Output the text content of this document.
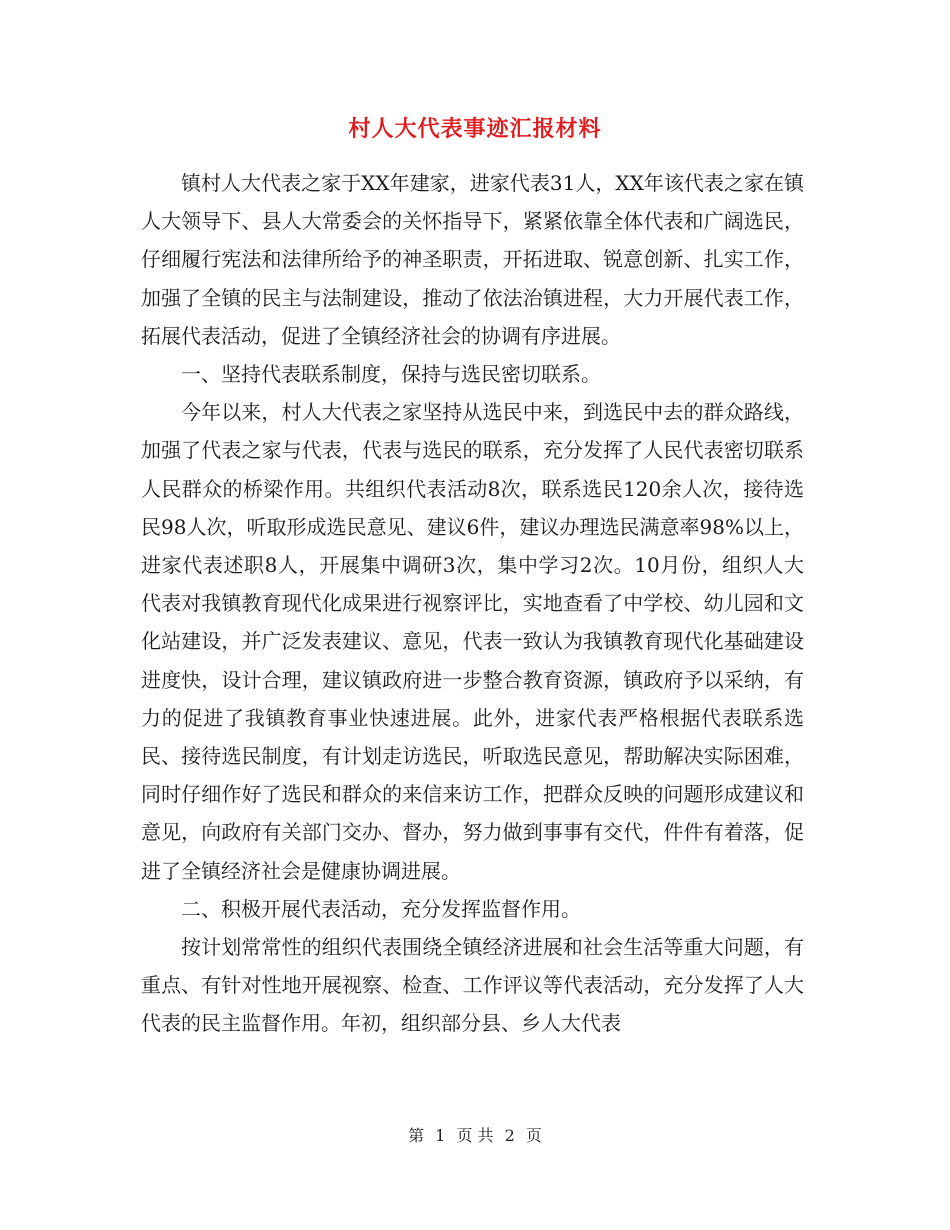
村人大代表事迹汇报材料

镇村人大代表之家于XX年建家，进家代表31人，XX年该代表之家在镇人大领导下、县人大常委会的关怀指导下，紧紧依靠全体代表和广阔选民，仔细履行宪法和法律所给予的神圣职责，开拓进取、锐意创新、扎实工作，加强了全镇的民主与法制建设，推动了依法治镇进程，大力开展代表工作，拓展代表活动，促进了全镇经济社会的协调有序进展。

一、坚持代表联系制度，保持与选民密切联系。

今年以来，村人大代表之家坚持从选民中来，到选民中去的群众路线，加强了代表之家与代表，代表与选民的联系，充分发挥了人民代表密切联系人民群众的桥梁作用。共组织代表活动8次，联系选民120余人次，接待选民98人次，听取形成选民意见、建议6件，建议办理选民满意率98%以上，进家代表述职8人，开展集中调研3次，集中学习2次。10月份，组织人大代表对我镇教育现代化成果进行视察评比，实地查看了中学校、幼儿园和文化站建设，并广泛发表建议、意见，代表一致认为我镇教育现代化基础建设进度快，设计合理，建议镇政府进一步整合教育资源，镇政府予以采纳，有力的促进了我镇教育事业快速进展。此外，进家代表严格根据代表联系选民、接待选民制度，有计划走访选民，听取选民意见，帮助解决实际困难，同时仔细作好了选民和群众的来信来访工作，把群众反映的问题形成建议和意见，向政府有关部门交办、督办，努力做到事事有交代，件件有着落，促进了全镇经济社会是健康协调进展。

二、积极开展代表活动，充分发挥监督作用。

按计划常常性的组织代表围绕全镇经济进展和社会生活等重大问题，有重点、有针对性地开展视察、检查、工作评议等代表活动，充分发挥了人大代表的民主监督作用。年初，组织部分县、乡人大代表

第 1 页 共 2 页
